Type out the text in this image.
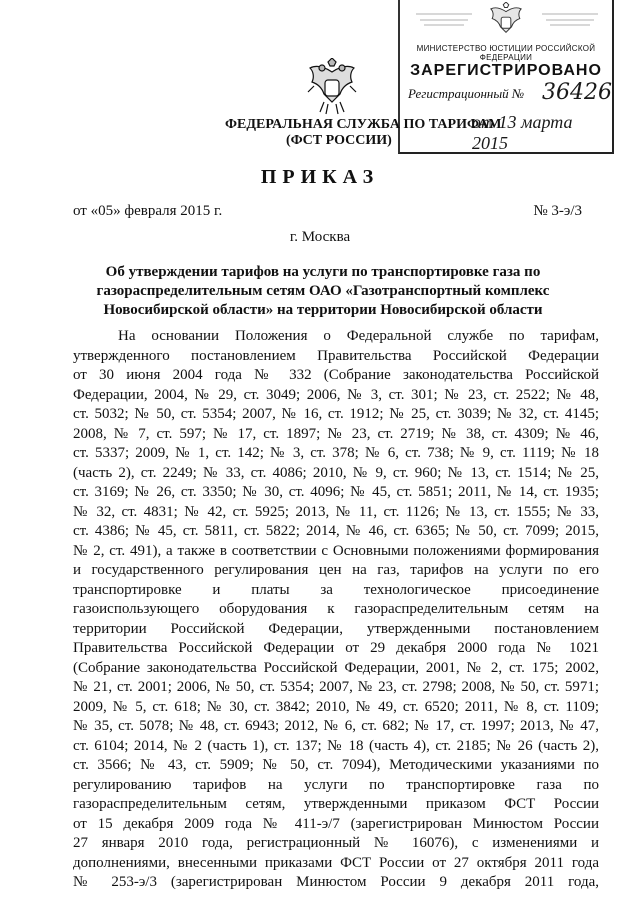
МИНИСТЕРСТВО ЮСТИЦИИ РОССИЙСКОЙ ФЕДЕРАЦИИ
ЗАРЕГИСТРИРОВАНО
Регистрационный № 36426
от 13 марта 2015
ФЕДЕРАЛЬНАЯ СЛУЖБА ПО ТАРИФАМ
(ФСТ РОССИИ)
ПРИКАЗ
от «05» февраля 2015 г.	№ 3-э/3
г. Москва
Об утверждении тарифов на услуги по транспортировке газа по газораспределительным сетям ОАО «Газотранспортный комплекс Новосибирской области» на территории Новосибирской области
На основании Положения о Федеральной службе по тарифам,
утвержденного постановлением Правительства Российской Федерации
от 30 июня 2004 года № 332 (Собрание законодательства Российской
Федерации, 2004, № 29, ст. 3049; 2006, № 3, ст. 301; № 23, ст. 2522; № 48,
ст. 5032; № 50, ст. 5354; 2007, № 16, ст. 1912; № 25, ст. 3039; № 32, ст. 4145;
2008, № 7, ст. 597; № 17, ст. 1897; № 23, ст. 2719; № 38, ст. 4309; № 46,
ст. 5337; 2009, № 1, ст. 142; № 3, ст. 378; № 6, ст. 738; № 9, ст. 1119; № 18
(часть 2), ст. 2249; № 33, ст. 4086; 2010, № 9, ст. 960; № 13, ст. 1514; № 25,
ст. 3169; № 26, ст. 3350; № 30, ст. 4096; № 45, ст. 5851; 2011, № 14, ст. 1935;
№ 32, ст. 4831; № 42, ст. 5925; 2013, № 11, ст. 1126; № 13, ст. 1555; № 33,
ст. 4386; № 45, ст. 5811, ст. 5822; 2014, № 46, ст. 6365; № 50, ст. 7099; 2015,
№ 2, ст. 491), а также в соответствии с Основными положениями формирования
и государственного регулирования цен на газ, тарифов на услуги по его
транспортировке и платы за технологическое присоединение
газоиспользующего оборудования к газораспределительным сетям на
территории Российской Федерации, утвержденными постановлением
Правительства Российской Федерации от 29 декабря 2000 года № 1021
(Собрание законодательства Российской Федерации, 2001, № 2, ст. 175; 2002,
№ 21, ст. 2001; 2006, № 50, ст. 5354; 2007, № 23, ст. 2798; 2008, № 50, ст. 5971;
2009, № 5, ст. 618; № 30, ст. 3842; 2010, № 49, ст. 6520; 2011, № 8, ст. 1109;
№ 35, ст. 5078; № 48, ст. 6943; 2012, № 6, ст. 682; № 17, ст. 1997; 2013, № 47,
ст. 6104; 2014, № 2 (часть 1), ст. 137; № 18 (часть 4), ст. 2185; № 26 (часть 2),
ст. 3566; № 43, ст. 5909; № 50, ст. 7094), Методическими указаниями по
регулированию тарифов на услуги по транспортировке газа по
газораспределительным сетям, утвержденными приказом ФСТ России
от 15 декабря 2009 года № 411-э/7 (зарегистрирован Минюстом России
27 января 2010 года, регистрационный № 16076), с изменениями и
дополнениями, внесенными приказами ФСТ России от 27 октября 2011 года
№ 253-э/3 (зарегистрирован Минюстом России 9 декабря 2011 года,
